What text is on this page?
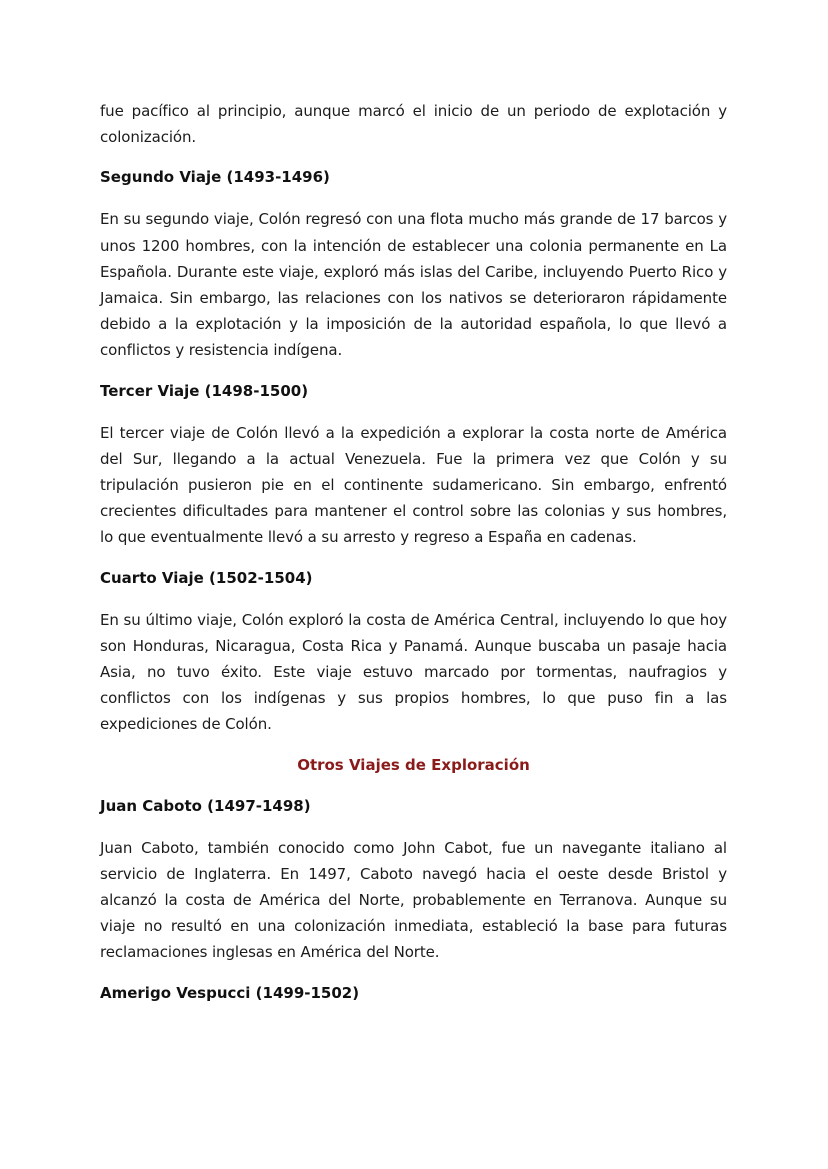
fue pacífico al principio, aunque marcó el inicio de un periodo de explotación y colonización.

Segundo Viaje (1493-1496)

En su segundo viaje, Colón regresó con una flota mucho más grande de 17 barcos y unos 1200 hombres, con la intención de establecer una colonia permanente en La Española. Durante este viaje, exploró más islas del Caribe, incluyendo Puerto Rico y Jamaica. Sin embargo, las relaciones con los nativos se deterioraron rápidamente debido a la explotación y la imposición de la autoridad española, lo que llevó a conflictos y resistencia indígena.

Tercer Viaje (1498-1500)

El tercer viaje de Colón llevó a la expedición a explorar la costa norte de América del Sur, llegando a la actual Venezuela. Fue la primera vez que Colón y su tripulación pusieron pie en el continente sudamericano. Sin embargo, enfrentó crecientes dificultades para mantener el control sobre las colonias y sus hombres, lo que eventualmente llevó a su arresto y regreso a España en cadenas.

Cuarto Viaje (1502-1504)

En su último viaje, Colón exploró la costa de América Central, incluyendo lo que hoy son Honduras, Nicaragua, Costa Rica y Panamá. Aunque buscaba un pasaje hacia Asia, no tuvo éxito. Este viaje estuvo marcado por tormentas, naufragios y conflictos con los indígenas y sus propios hombres, lo que puso fin a las expediciones de Colón.

Otros Viajes de Exploración
Juan Caboto (1497-1498)

Juan Caboto, también conocido como John Cabot, fue un navegante italiano al servicio de Inglaterra. En 1497, Caboto navegó hacia el oeste desde Bristol y alcanzó la costa de América del Norte, probablemente en Terranova. Aunque su viaje no resultó en una colonización inmediata, estableció la base para futuras reclamaciones inglesas en América del Norte.

Amerigo Vespucci (1499-1502)
